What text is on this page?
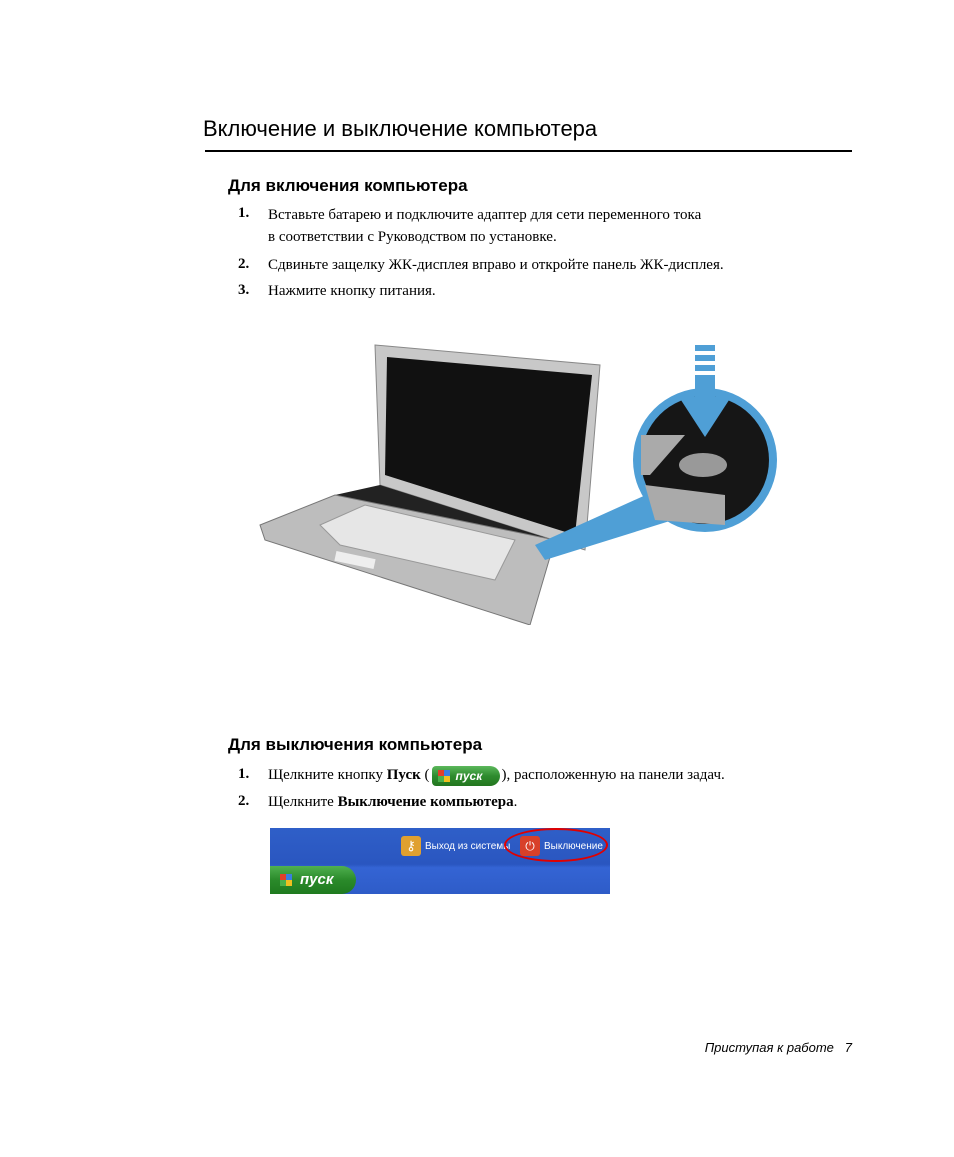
Включение и выключение компьютера
Для включения компьютера
1. Вставьте батарею и подключите адаптер для сети переменного тока
в соответствии с Руководством по установке.
2. Сдвиньте защелку ЖК-дисплея вправо и откройте панель ЖК-дисплея.
3. Нажмите кнопку питания.
Для выключения компьютера
1. Щелкните кнопку Пуск ( пуск ), расположенную на панели задач.
2. Щелкните Выключение компьютера.
⚷ Выход из системы	⏻ Выключение
пуск
Приступая к работе 7
